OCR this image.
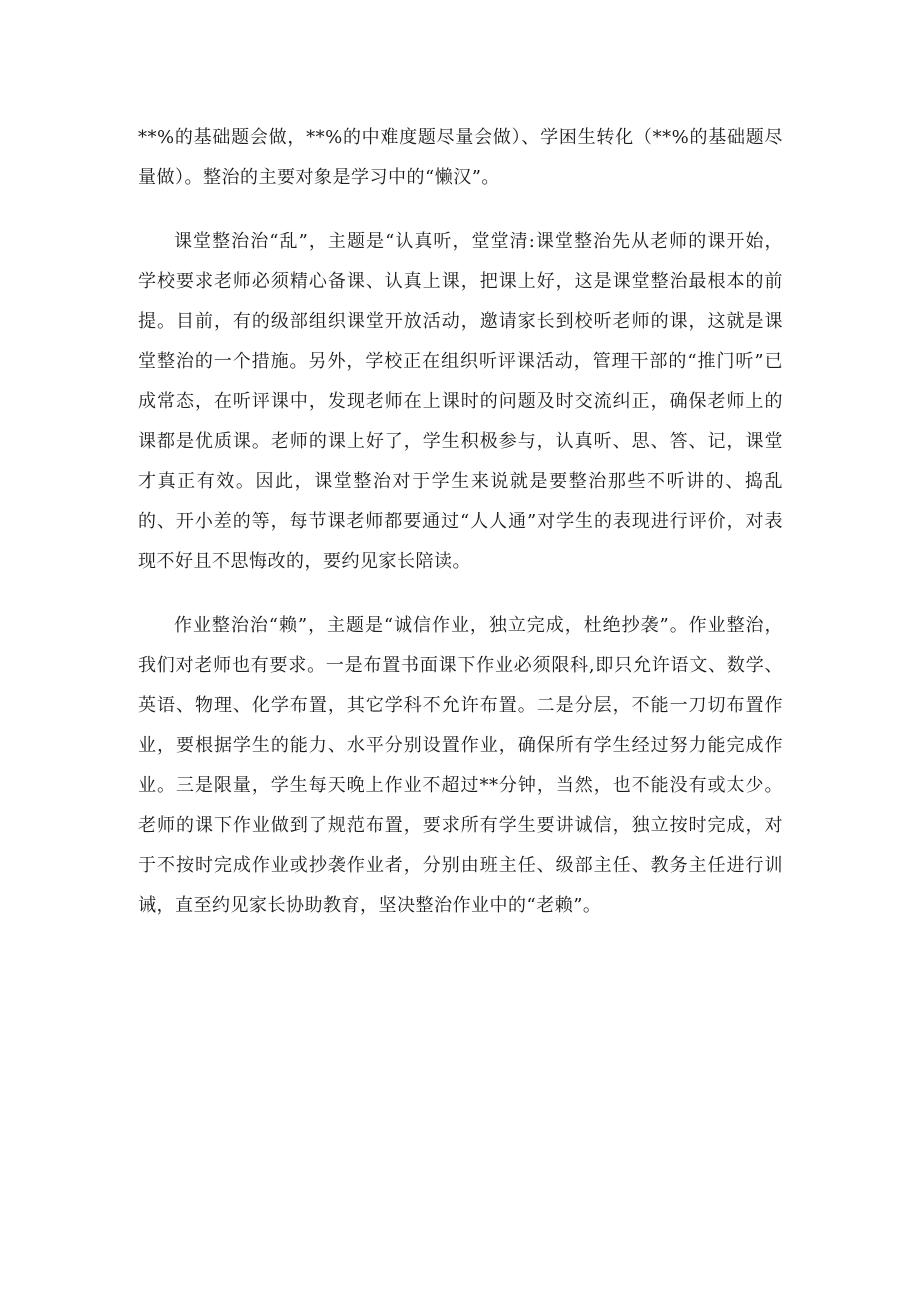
**%的基础题会做，**%的中难度题尽量会做）、学困生转化（**%的基础题尽量做）。整治的主要对象是学习中的“懒汉”。

课堂整治治“乱”，主题是“认真听，堂堂清:课堂整治先从老师的课开始，学校要求老师必须精心备课、认真上课，把课上好，这是课堂整治最根本的前提。目前，有的级部组织课堂开放活动，邀请家长到校听老师的课，这就是课堂整治的一个措施。另外，学校正在组织听评课活动，管理干部的“推门听”已成常态，在听评课中，发现老师在上课时的问题及时交流纠正，确保老师上的课都是优质课。老师的课上好了，学生积极参与，认真听、思、答、记，课堂才真正有效。因此，课堂整治对于学生来说就是要整治那些不听讲的、捣乱的、开小差的等，每节课老师都要通过“人人通”对学生的表现进行评价，对表现不好且不思悔改的，要约见家长陪读。

作业整治治“赖”，主题是“诚信作业，独立完成，杜绝抄袭”。作业整治，我们对老师也有要求。一是布置书面课下作业必须限科,即只允许语文、数学、英语、物理、化学布置，其它学科不允许布置。二是分层，不能一刀切布置作业，要根据学生的能力、水平分别设置作业，确保所有学生经过努力能完成作业。三是限量，学生每天晚上作业不超过**分钟，当然，也不能没有或太少。老师的课下作业做到了规范布置，要求所有学生要讲诚信，独立按时完成，对于不按时完成作业或抄袭作业者，分别由班主任、级部主任、教务主任进行训诫，直至约见家长协助教育，坚决整治作业中的“老赖”。
